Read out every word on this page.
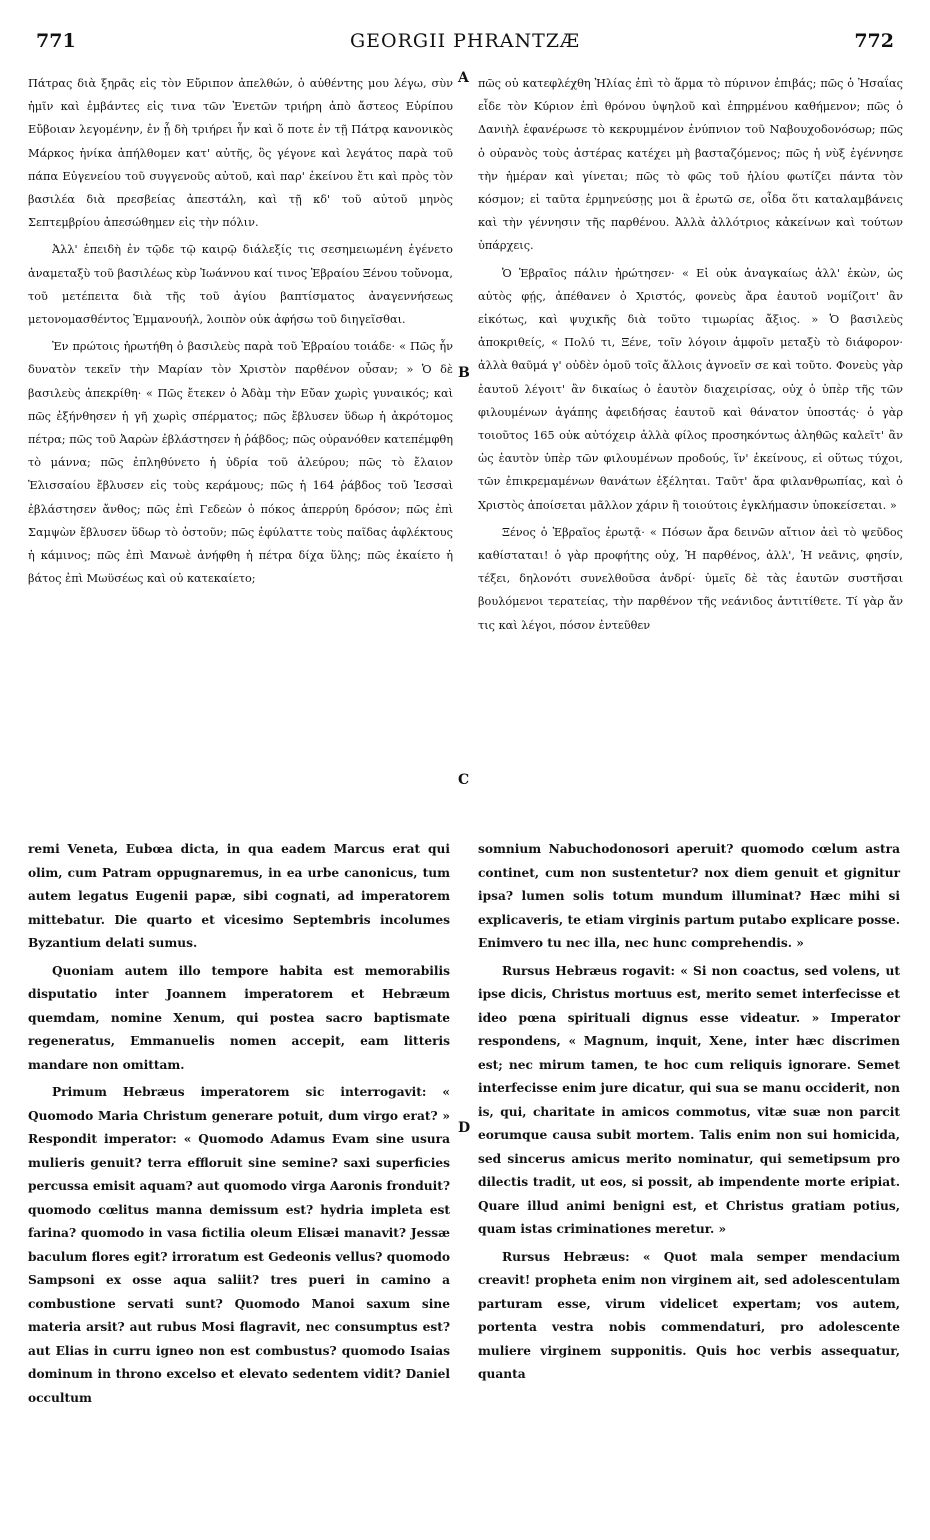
771	GEORGII PHRANTZÆ	772
A
B
C
D

Πάτρας διὰ ξηρᾶς εἰς τὸν Εὔριπον ἀπελθών, ὁ αὐθέντης μου λέγω, σὺν ἡμῖν καὶ ἐμβάντες εἰς τινα τῶν Ἐνετῶν τριήρη ἀπὸ ἄστεος Εὐρίπου Εὔβοιαν λεγομένην, ἐν ᾗ δὴ τριήρει ἦν καὶ ὅ ποτε ἐν τῇ Πάτρᾳ κανονικὸς Μάρκος ἡνίκα ἀπήλθομεν κατ' αὐτῆς, ὃς γέγονε καὶ λεγάτος παρὰ τοῦ πάπα Εὐγενείου τοῦ συγγενοῦς αὐτοῦ, καὶ παρ' ἐκείνου ἔτι καὶ πρὸς τὸν βασιλέα διὰ πρεσβείας ἀπεστάλη, καὶ τῇ κδ' τοῦ αὐτοῦ μηνὸς Σεπτεμβρίου ἀπεσώθημεν εἰς τὴν πόλιν.

Ἀλλ' ἐπειδὴ ἐν τῷδε τῷ καιρῷ διάλεξίς τις σεσημειωμένη ἐγένετο ἀναμεταξὺ τοῦ βασιλέως κὺρ Ἰωάννου καί τινος Ἑβραίου Ξένου τοὔνομα, τοῦ μετέπειτα διὰ τῆς τοῦ ἁγίου βαπτίσματος ἀναγεννήσεως μετονομασθέντος Ἐμμανουήλ, λοιπὸν οὐκ ἀφήσω τοῦ διηγεῖσθαι.

Ἐν πρώτοις ἠρωτήθη ὁ βασιλεὺς παρὰ τοῦ Ἑβραίου τοιάδε· « Πῶς ἦν δυνατὸν τεκεῖν τὴν Μαρίαν τὸν Χριστὸν παρθένον οὖσαν; » Ὁ δὲ βασιλεὺς ἀπεκρίθη· « Πῶς ἔτεκεν ὁ Ἀδὰμ τὴν Εὔαν χωρὶς γυναικός; καὶ πῶς ἐξήνθησεν ἡ γῆ χωρὶς σπέρματος; πῶς ἔβλυσεν ὕδωρ ἡ ἀκρότομος πέτρα; πῶς τοῦ Ἀαρὼν ἐβλάστησεν ἡ ῥάβδος; πῶς οὐρανόθεν κατεπέμφθη τὸ μάννα; πῶς ἐπληθύνετο ἡ ὑδρία τοῦ ἀλεύρου; πῶς τὸ ἔλαιον Ἐλισσαίου ἔβλυσεν εἰς τοὺς κεράμους; πῶς ἡ 164 ῥάβδος τοῦ Ἰεσσαὶ ἐβλάστησεν ἄνθος; πῶς ἐπὶ Γεδεὼν ὁ πόκος ἀπερρύη δρόσον; πῶς ἐπὶ Σαμψὼν ἔβλυσεν ὕδωρ τὸ ὀστοῦν; πῶς ἐφύλαττε τοὺς παῖδας ἀφλέκτους ἡ κάμινος; πῶς ἐπὶ Μανωὲ ἀνήφθη ἡ πέτρα δίχα ὕλης; πῶς ἐκαίετο ἡ βάτος ἐπὶ Μωϋσέως καὶ οὐ κατεκαίετο;

πῶς οὐ κατεφλέχθη Ἠλίας ἐπὶ τὸ ἅρμα τὸ πύρινον ἐπιβάς; πῶς ὁ Ἠσαΐας εἶδε τὸν Κύριον ἐπὶ θρόνου ὑψηλοῦ καὶ ἐπηρμένου καθήμενον; πῶς ὁ Δανιὴλ ἐφανέρωσε τὸ κεκρυμμένον ἐνύπνιον τοῦ Ναβουχοδονόσωρ; πῶς ὁ οὐρανὸς τοὺς ἀστέρας κατέχει μὴ βασταζόμενος; πῶς ἡ νὺξ ἐγέννησε τὴν ἡμέραν καὶ γίνεται; πῶς τὸ φῶς τοῦ ἡλίου φωτίζει πάντα τὸν κόσμον; εἰ ταῦτα ἑρμηνεύσῃς μοι ἃ ἐρωτῶ σε, οἶδα ὅτι καταλαμβάνεις καὶ τὴν γέννησιν τῆς παρθένου. Ἀλλὰ ἀλλότριος κἀκείνων καὶ τούτων ὑπάρχεις.

Ὁ Ἑβραῖος πάλιν ἠρώτησεν· « Εἰ οὐκ ἀναγκαίως ἀλλ' ἑκὼν, ὡς αὐτὸς φῄς, ἀπέθανεν ὁ Χριστός, φονεὺς ἄρα ἑαυτοῦ νομίζοιτ' ἂν εἰκότως, καὶ ψυχικῆς διὰ τοῦτο τιμωρίας ἄξιος. » Ὁ βασιλεὺς ἀποκριθείς, « Πολύ τι, Ξένε, τοῖν λόγοιν ἀμφοῖν μεταξὺ τὸ διάφορον· ἀλλὰ θαῦμά γ' οὐδὲν ὁμοῦ τοῖς ἄλλοις ἀγνοεῖν σε καὶ τοῦτο. Φονεὺς γὰρ ἑαυτοῦ λέγοιτ' ἂν δικαίως ὁ ἑαυτὸν διαχειρίσας, οὐχ ὁ ὑπὲρ τῆς τῶν φιλουμένων ἀγάπης ἀφειδήσας ἑαυτοῦ καὶ θάνατον ὑποστάς· ὁ γὰρ τοιοῦτος 165 οὐκ αὐτόχειρ ἀλλὰ φίλος προσηκόντως ἀληθῶς καλεῖτ' ἂν ὡς ἑαυτὸν ὑπὲρ τῶν φιλουμένων προδούς, ἵν' ἐκείνους, εἰ οὕτως τύχοι, τῶν ἐπικρεμαμένων θανάτων ἐξέληται. Ταῦτ' ἄρα φιλανθρωπίας, καὶ ὁ Χριστὸς ἀποίσεται μᾶλλον χάριν ἢ τοιούτοις ἐγκλήμασιν ὑποκείσεται. »

Ξένος ὁ Ἑβραῖος ἐρωτᾷ· « Πόσων ἄρα δεινῶν αἴτιον ἀεὶ τὸ ψεῦδος καθίσταται! ὁ γὰρ προφήτης οὐχ, Ἡ παρθένος, ἀλλ', Ἡ νεᾶνις, φησίν, τέξει, δηλονότι συνελθοῦσα ἀνδρί· ὑμεῖς δὲ τὰς ἑαυτῶν συστῆσαι βουλόμενοι τερατείας, τὴν παρθένον τῆς νεάνιδος ἀντιτίθετε. Τί γὰρ ἄν τις καὶ λέγοι, πόσον ἐντεῦθεν

remi Veneta, Eubœa dicta, in qua eadem Marcus erat qui olim, cum Patram oppugnaremus, in ea urbe canonicus, tum autem legatus Eugenii papæ, sibi cognati, ad imperatorem mittebatur. Die quarto et vicesimo Septembris incolumes Byzantium delati sumus.

Quoniam autem illo tempore habita est memorabilis disputatio inter Joannem imperatorem et Hebræum quemdam, nomine Xenum, qui postea sacro baptismate regeneratus, Emmanuelis nomen accepit, eam litteris mandare non omittam.

Primum Hebræus imperatorem sic interrogavit: « Quomodo Maria Christum generare potuit, dum virgo erat? » Respondit imperator: « Quomodo Adamus Evam sine usura mulieris genuit? terra effloruit sine semine? saxi superficies percussa emisit aquam? aut quomodo virga Aaronis fronduit? quomodo cœlitus manna demissum est? hydria impleta est farina? quomodo in vasa fictilia oleum Elisæi manavit? Jessæ baculum flores egit? irroratum est Gedeonis vellus? quomodo Sampsoni ex osse aqua saliit? tres pueri in camino a combustione servati sunt? Quomodo Manoi saxum sine materia arsit? aut rubus Mosi flagravit, nec consumptus est? aut Elias in curru igneo non est combustus? quomodo Isaias dominum in throno excelso et elevato sedentem vidit? Daniel occultum

somnium Nabuchodonosori aperuit? quomodo cœlum astra continet, cum non sustentetur? nox diem genuit et gignitur ipsa? lumen solis totum mundum illuminat? Hæc mihi si explicaveris, te etiam virginis partum putabo explicare posse. Enimvero tu nec illa, nec hunc comprehendis. »

Rursus Hebræus rogavit: « Si non coactus, sed volens, ut ipse dicis, Christus mortuus est, merito semet interfecisse et ideo pœna spirituali dignus esse videatur. » Imperator respondens, « Magnum, inquit, Xene, inter hæc discrimen est; nec mirum tamen, te hoc cum reliquis ignorare. Semet interfecisse enim jure dicatur, qui sua se manu occiderit, non is, qui, charitate in amicos commotus, vitæ suæ non parcit eorumque causa subit mortem. Talis enim non sui homicida, sed sincerus amicus merito nominatur, qui semetipsum pro dilectis tradit, ut eos, si possit, ab impendente morte eripiat. Quare illud animi benigni est, et Christus gratiam potius, quam istas criminationes meretur. »

Rursus Hebræus: « Quot mala semper mendacium creavit! propheta enim non virginem ait, sed adolescentulam parturam esse, virum videlicet expertam; vos autem, portenta vestra nobis commendaturi, pro adolescente muliere virginem supponitis. Quis hoc verbis assequatur, quanta
